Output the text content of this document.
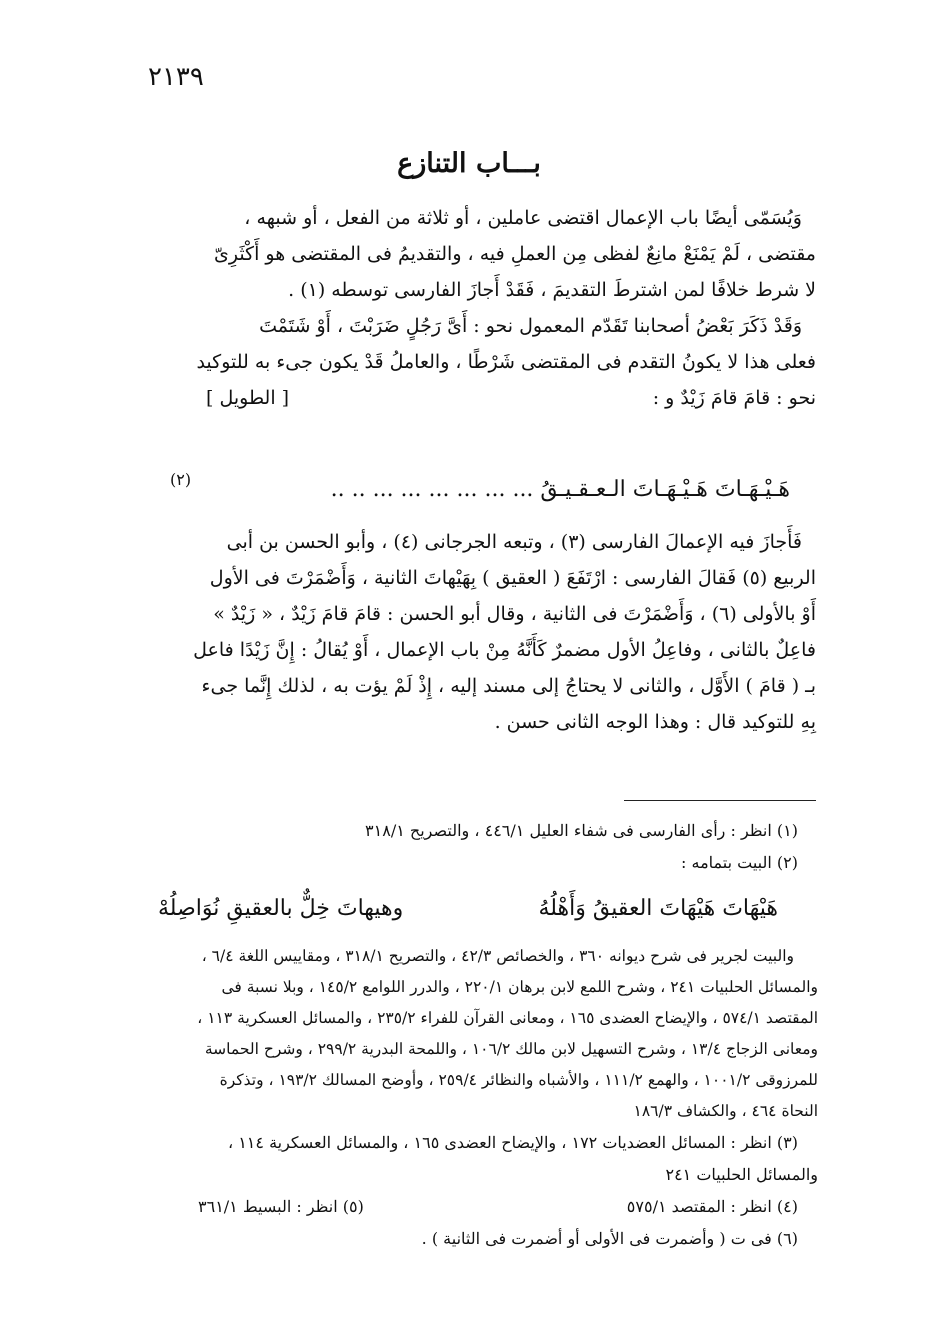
٢١٣٩
بـــاب التنازع
وَيُسَمّى أيضًا باب الإعمال اقتضى عاملين ، أو ثلاثة من الفعل ، أو شبهه ،
مقتضى ، لَمْ يَمْنَعْ مانِعٌ لفظى مِن العملِ فيه ، والتقديمُ فى المقتضى هو أَكْثَرِىّ
لا شرط خلافًا لمن اشترطَ التقديمَ ، فَقَدْ أَجازَ الفارسى توسطه (١) .
وَقَدْ ذَكَرَ بَعْضُ أصحابنا تَقَدّم المعمول نحو : أَىَّ رَجُلٍ ضَرَبْتَ ، أَوْ شَتَمْتَ
فعلى هذا لا يكونُ التقدم فى المقتضى شَرْطًا ، والعاملُ قَدْ يكون جىء به للتوكيد
نحو : قامَ قامَ زَيْدٌ و :
[ الطويل ]
هَـيْـهَـاتَ هَـيْـهَـاتَ الـعـقـيـقُ ... ... ... ... ... ... .. ..
(٢)
فَأَجازَ فيه الإعمالَ الفارسى (٣) ، وتبعه الجرجانى (٤) ، وأبو الحسن بن أبى
الربيع (٥) فَقالَ الفارسى : ارْتَفَعَ ( العقيق ) بِهَيْهاتَ الثانية ، وَأَضْمَرْتَ فى الأول
أَوْ بالأولى (٦) ، وَأَضْمَرْتَ فى الثانية ، وقال أبو الحسن : قامَ قامَ زَيْدٌ ، « زَيْدٌ »
فاعِلٌ بالثانى ، وفاعِلُ الأول مضمرٌ كَأَنَّهُ مِنْ باب الإعمال ، أَوْ يُقالُ : إِنَّ زَيْدًا فاعل
بـ ( قامَ ) الأَوَّل ، والثانى لا يحتاجُ إلى مسند إليه ، إِذْ لَمْ يؤت به ، لذلك إِنَّما جىء
بِهِ للتوكيد قال : وهذا الوجه الثانى حسن .
(١) انظر : رأى الفارسى فى شفاء العليل ٤٤٦/١ ، والتصريح ٣١٨/١
(٢) البيت بتمامه :
هَيْهَاتَ هَيْهَاتَ العقيقُ وَأَهْلُهُ
وهيهاتَ خِلٌّ بالعقيقِ نُوَاصِلُهْ
والبيت لجرير فى شرح ديوانه ٣٦٠ ، والخصائص ٤٢/٣ ، والتصريح ٣١٨/١ ، ومقاييس اللغة ٦/٤ ،
والمسائل الحلبيات ٢٤١ ، وشرح اللمع لابن برهان ٢٢٠/١ ، والدرر اللوامع ١٤٥/٢ ، وبلا نسبة فى
المقتصد ٥٧٤/١ ، والإيضاح العضدى ١٦٥ ، ومعانى القرآن للفراء ٢٣٥/٢ ، والمسائل العسكرية ١١٣ ،
ومعانى الزجاج ١٣/٤ ، وشرح التسهيل لابن مالك ١٠٦/٢ ، واللمحة البدرية ٢٩٩/٢ ، وشرح الحماسة
للمرزوقى ١٠٠١/٢ ، والهمع ١١١/٢ ، والأشباه والنظائر ٢٥٩/٤ ، وأوضح المسالك ١٩٣/٢ ، وتذكرة
النحاة ٤٦٤ ، والكشاف ١٨٦/٣
(٣) انظر : المسائل العضديات ١٧٢ ، والإيضاح العضدى ١٦٥ ، والمسائل العسكرية ١١٤ ،
والمسائل الحلبيات ٢٤١
(٤) انظر : المقتصد ٥٧٥/١
(٥) انظر : البسيط ٣٦١/١
(٦) فى ت ( وأضمرت فى الأولى أو أضمرت فى الثانية ) .
